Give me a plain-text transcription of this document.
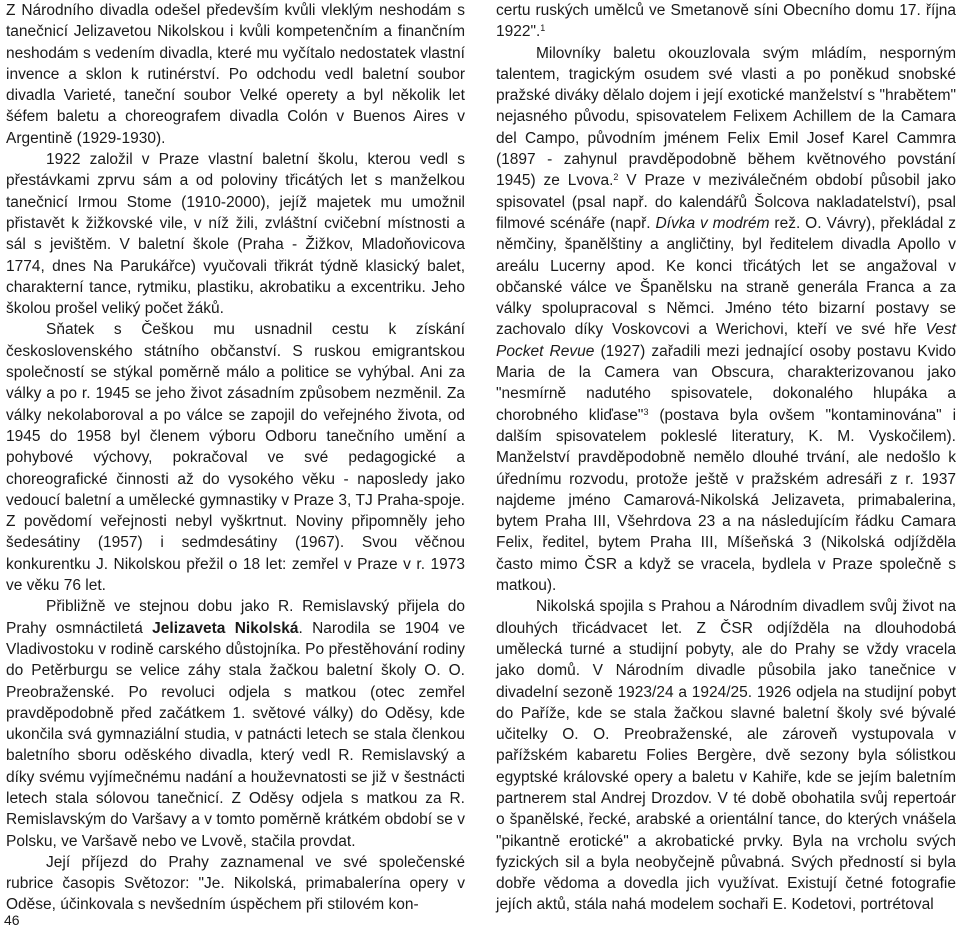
Z Národního divadla odešel především kvůli vleklým neshodám s tanečnicí Jelizavetou Nikolskou i kvůli kompetenčním a finančním neshodám s vedením divadla, které mu vyčítalo nedostatek vlastní invence a sklon k rutinérství. Po odchodu vedl baletní soubor divadla Varieté, taneční soubor Velké operety a byl několik let šéfem baletu a choreografem divadla Colón v Buenos Aires v Argentině (1929-1930).

1922 založil v Praze vlastní baletní školu, kterou vedl s přestávkami zprvu sám a od poloviny třicátých let s manželkou tanečnicí Irmou Stome (1910-2000), jejíž majetek mu umožnil přistavět k žižkovské vile, v níž žili, zvláštní cvičební místnosti a sál s jevištěm. V baletní škole (Praha - Žižkov, Mladoňovicova 1774, dnes Na Parukářce) vyučovali třikrát týdně klasický balet, charakterní tance, rytmiku, plastiku, akrobatiku a excentriku. Jeho školou prošel veliký počet žáků.

Sňatek s Češkou mu usnadnil cestu k získání československého státního občanství. S ruskou emigrantskou společností se stýkal poměrně málo a politice se vyhýbal. Ani za války a po r. 1945 se jeho život zásadním způsobem nezměnil. Za války nekolaboroval a po válce se zapojil do veřejného života, od 1945 do 1958 byl členem výboru Odboru tanečního umění a pohybové výchovy, pokračoval ve své pedagogické a choreografické činnosti až do vysokého věku - naposledy jako vedoucí baletní a umělecké gymnastiky v Praze 3, TJ Praha-spoje. Z povědomí veřejnosti nebyl vyškrtnut. Noviny připomněly jeho šedesátiny (1957) i sedmdesátiny (1967). Svou věčnou konkurentku J. Nikolskou přežil o 18 let: zemřel v Praze v r. 1973 ve věku 76 let.

Přibližně ve stejnou dobu jako R. Remislavský přijela do Prahy osmnáctiletá Jelizaveta Nikolská. Narodila se 1904 ve Vladivostoku v rodině carského důstojníka. Po přestěhování rodiny do Petěrburgu se velice záhy stala žačkou baletní školy O. O. Preobraženské. Po revoluci odjela s matkou (otec zemřel pravděpodobně před začátkem 1. světové války) do Oděsy, kde ukončila svá gymnaziální studia, v patnácti letech se stala členkou baletního sboru oděského divadla, který vedl R. Remislavský a díky svému vyjímečnému nadání a houževnatosti se již v šestnácti letech stala sólovou tanečnicí. Z Oděsy odjela s matkou za R. Remislavským do Varšavy a v tomto poměrně krátkém období se v Polsku, ve Varšavě nebo ve Lvově, stačila provdat.

Její příjezd do Prahy zaznamenal ve své společenské rubrice časopis Světozor: "Je. Nikolská, primabalerína opery v Oděse, účinkovala s nevšedním úspěchem při stilovém kon-

certu ruských umělců ve Smetanově síni Obecního domu 17. října 1922".$^1$

Milovníky baletu okouzlovala svým mládím, nesporným talentem, tragickým osudem své vlasti a po poněkud snobské pražské diváky dělalo dojem i její exotické manželství s "hrabětem" nejasného původu, spisovatelem Felixem Achillem de la Camara del Campo, původním jménem Felix Emil Josef Karel Cammra (1897 - zahynul pravděpodobně během květnového povstání 1945) ze Lvova.$^2$ V Praze v meziválečném období působil jako spisovatel (psal např. do kalendářů Šolcova nakladatelství), psal filmové scénáře (např. Dívka v modrém rež. O. Vávry), překládal z němčiny, španělštiny a angličtiny, byl ředitelem divadla Apollo v areálu Lucerny apod. Ke konci třicátých let se angažoval v občanské válce ve Španělsku na straně generála Franca a za války spolupracoval s Němci. Jméno této bizarní postavy se zachovalo díky Voskovcovi a Werichovi, kteří ve své hře Vest Pocket Revue (1927) zařadili mezi jednající osoby postavu Kvido Maria de la Camera van Obscura, charakterizovanou jako "nesmírně nadutého spisovatele, dokonalého hlupáka a chorobného kliďase"$^3$ (postava byla ovšem "kontaminována" i dalším spisovatelem pokleslé literatury, K. M. Vyskočilem). Manželství pravděpodobně nemělo dlouhé trvání, ale nedošlo k úřednímu rozvodu, protože ještě v pražském adresáři z r. 1937 najdeme jméno Camarová-Nikolská Jelizaveta, primabalerina, bytem Praha III, Všehrdova 23 a na následujícím řádku Camara Felix, ředitel, bytem Praha III, Míšeňská 3 (Nikolská odjížděla často mimo ČSR a když se vracela, bydlela v Praze společně s matkou).

Nikolská spojila s Prahou a Národním divadlem svůj život na dlouhých třicádvacet let. Z ČSR odjížděla na dlouhodobá umělecká turné a studijní pobyty, ale do Prahy se vždy vracela jako domů. V Národním divadle působila jako tanečnice v divadelní sezoně 1923/24 a 1924/25. 1926 odjela na studijní pobyt do Paříže, kde se stala žačkou slavné baletní školy své bývalé učitelky O. O. Preobraženské, ale zároveň vystupovala v pařížském kabaretu Folies Bergère, dvě sezony byla sólistkou egyptské královské opery a baletu v Kahiře, kde se jejím baletním partnerem stal Andrej Drozdov. V té době obohatila svůj repertoár o španělské, řecké, arabské a orientální tance, do kterých vnášela "pikantně erotické" a akrobatické prvky. Byla na vrcholu svých fyzických sil a byla neobyčejně půvabná. Svých předností si byla dobře vědoma a dovedla jich využívat. Existují četné fotografie jejích aktů, stála nahá modelem sochaři E. Kodetovi, portrétoval

46
